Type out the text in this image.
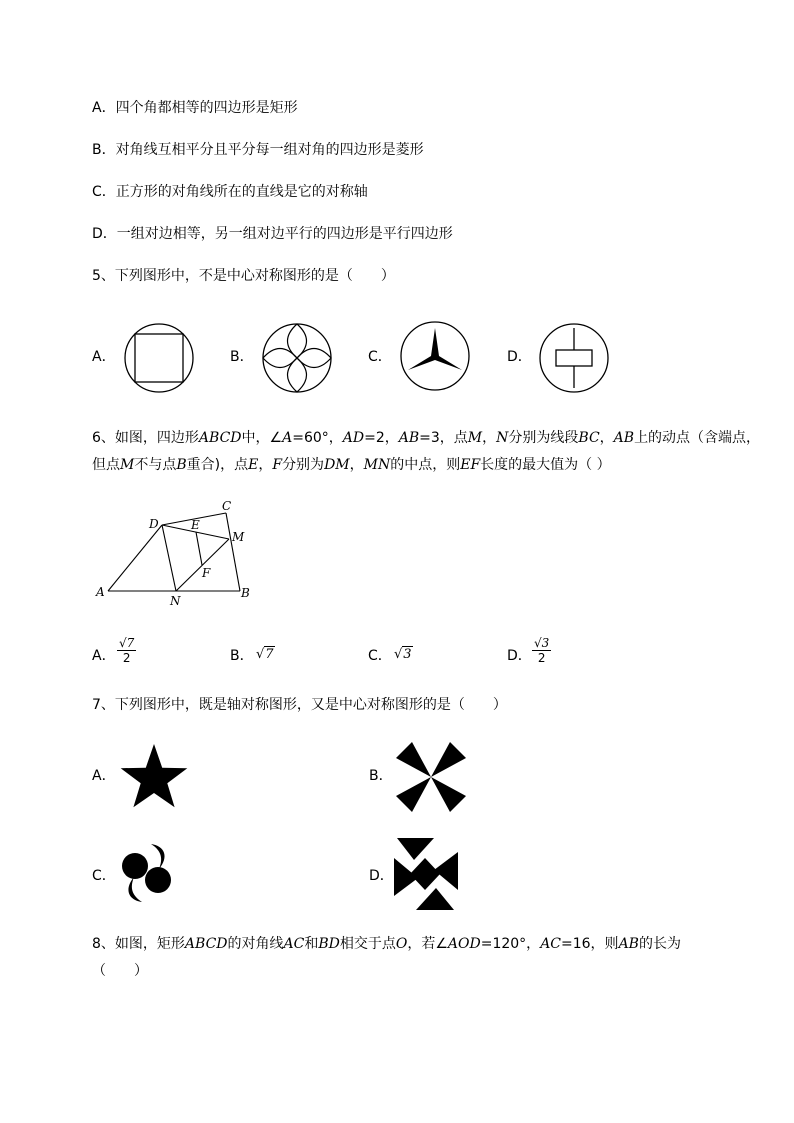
A．四个角都相等的四边形是矩形
B．对角线互相平分且平分每一组对角的四边形是菱形
C．正方形的对角线所在的直线是它的对称轴
D．一组对边相等，另一组对边平行的四边形是平行四边形
5、下列图形中，不是中心对称图形的是（　　）
A．	B．	C．	D．
6、如图，四边形ABCD中，∠A=60°，AD=2，AB=3，点M，N分别为线段BC，AB上的动点（含端点，
但点M不与点B重合)，点E，F分别为DM，MN的中点，则EF长度的最大值为（ ）
A	B
C
D	E
F
M
N
A． $\frac{√7}{2}$	B． √7	C． √3	D． $\frac{√3}{2}$
7、下列图形中，既是轴对称图形，又是中心对称图形的是（　　）
A．	B．
C．	D．
8、如图，矩形ABCD的对角线AC和BD相交于点O，若∠AOD=120°，AC=16，则AB的长为
（　　）
